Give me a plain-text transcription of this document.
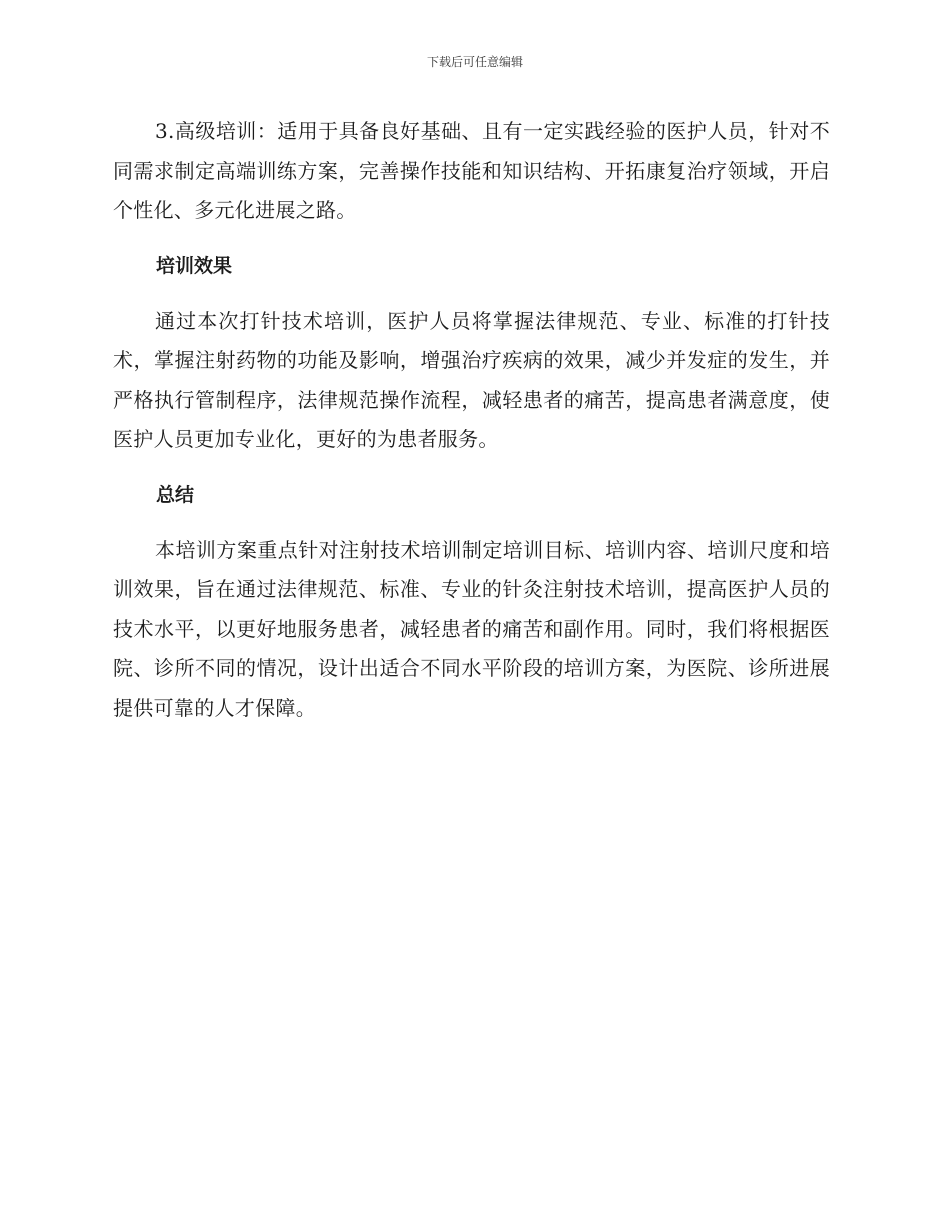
下载后可任意编辑

3.高级培训：适用于具备良好基础、且有一定实践经验的医护人员，针对不同需求制定高端训练方案，完善操作技能和知识结构、开拓康复治疗领域，开启个性化、多元化进展之路。

培训效果

通过本次打针技术培训，医护人员将掌握法律规范、专业、标准的打针技术，掌握注射药物的功能及影响，增强治疗疾病的效果，减少并发症的发生，并严格执行管制程序，法律规范操作流程，减轻患者的痛苦，提高患者满意度，使医护人员更加专业化，更好的为患者服务。

总结

本培训方案重点针对注射技术培训制定培训目标、培训内容、培训尺度和培训效果，旨在通过法律规范、标准、专业的针灸注射技术培训，提高医护人员的技术水平，以更好地服务患者，减轻患者的痛苦和副作用。同时，我们将根据医院、诊所不同的情况，设计出适合不同水平阶段的培训方案，为医院、诊所进展提供可靠的人才保障。
